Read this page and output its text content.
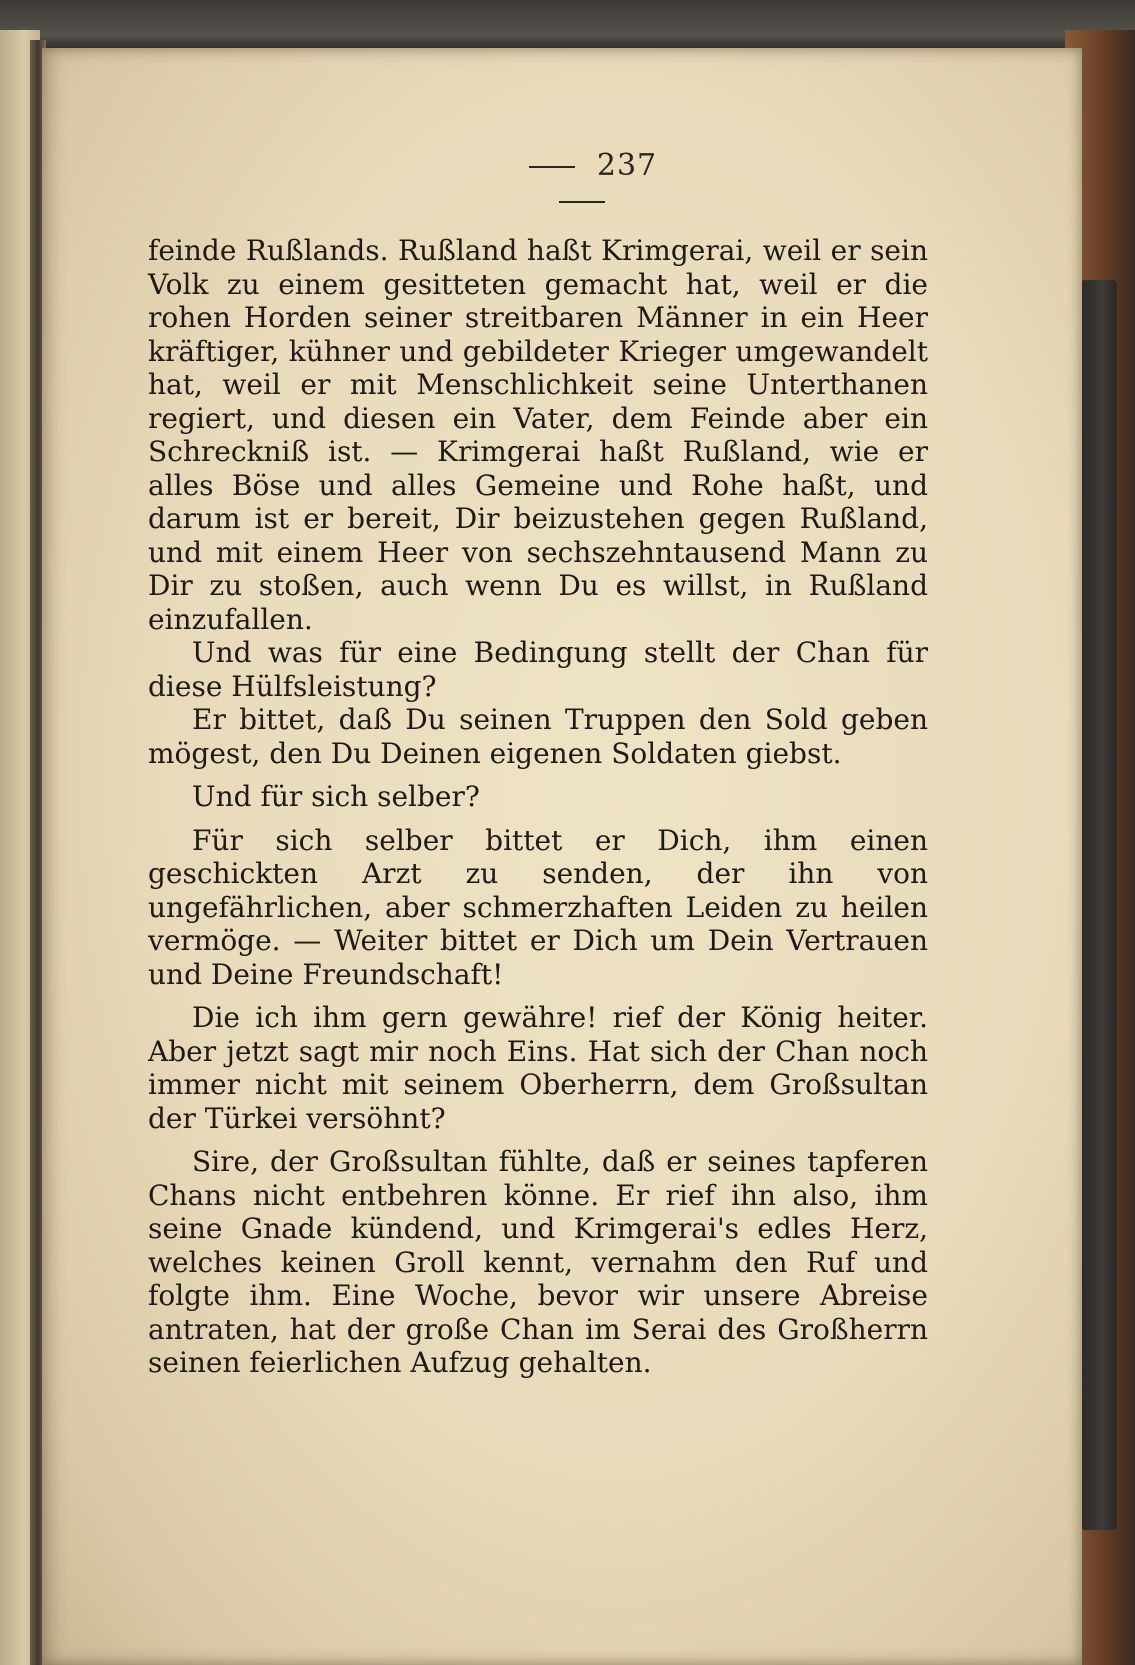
237

feinde Rußlands. Rußland haßt Krimgerai, weil er sein Volk zu einem gesitteten gemacht hat, weil er die rohen Horden seiner streitbaren Männer in ein Heer kräftiger, kühner und gebildeter Krieger umgewandelt hat, weil er mit Menschlichkeit seine Unterthanen regiert, und diesen ein Vater, dem Feinde aber ein Schreckniß ist. — Krimgerai haßt Rußland, wie er alles Böse und alles Gemeine und Rohe haßt, und darum ist er bereit, Dir beizustehen gegen Rußland, und mit einem Heer von sechszehntausend Mann zu Dir zu stoßen, auch wenn Du es willst, in Rußland einzufallen.

Und was für eine Bedingung stellt der Chan für diese Hülfsleistung?

Er bittet, daß Du seinen Truppen den Sold geben mögest, den Du Deinen eigenen Soldaten giebst.

Und für sich selber?

Für sich selber bittet er Dich, ihm einen geschickten Arzt zu senden, der ihn von ungefährlichen, aber schmerzhaften Leiden zu heilen vermöge. — Weiter bittet er Dich um Dein Vertrauen und Deine Freundschaft!

Die ich ihm gern gewähre! rief der König heiter. Aber jetzt sagt mir noch Eins. Hat sich der Chan noch immer nicht mit seinem Oberherrn, dem Großsultan der Türkei versöhnt?

Sire, der Großsultan fühlte, daß er seines tapferen Chans nicht entbehren könne. Er rief ihn also, ihm seine Gnade kündend, und Krimgerai's edles Herz, welches keinen Groll kennt, vernahm den Ruf und folgte ihm. Eine Woche, bevor wir unsere Abreise antraten, hat der große Chan im Serai des Großherrn seinen feierlichen Aufzug gehalten.
